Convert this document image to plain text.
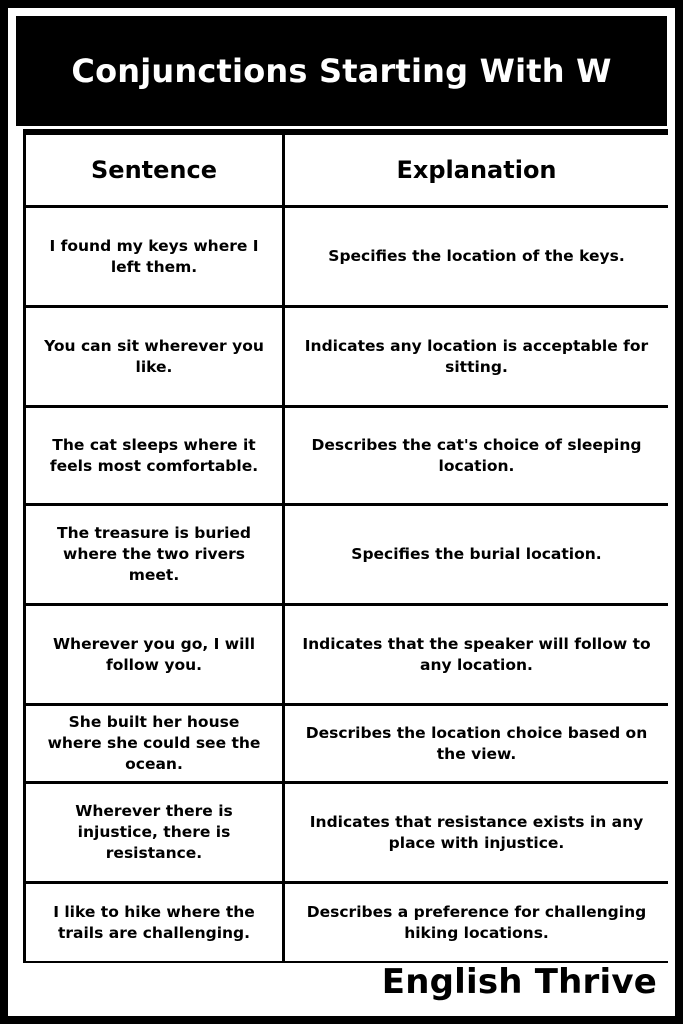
Conjunctions Starting With W
Sentence	Explanation
I found my keys where I left them.
Specifies the location of the keys.
You can sit wherever you like.
Indicates any location is acceptable for sitting.
The cat sleeps where it feels most comfortable.
Describes the cat's choice of sleeping location.
The treasure is buried where the two rivers meet.
Specifies the burial location.
Wherever you go, I will follow you.
Indicates that the speaker will follow to any location.
She built her house where she could see the ocean.
Describes the location choice based on the view.
Wherever there is injustice, there is resistance.
Indicates that resistance exists in any place with injustice.
I like to hike where the trails are challenging.
Describes a preference for challenging hiking locations.
English Thrive
